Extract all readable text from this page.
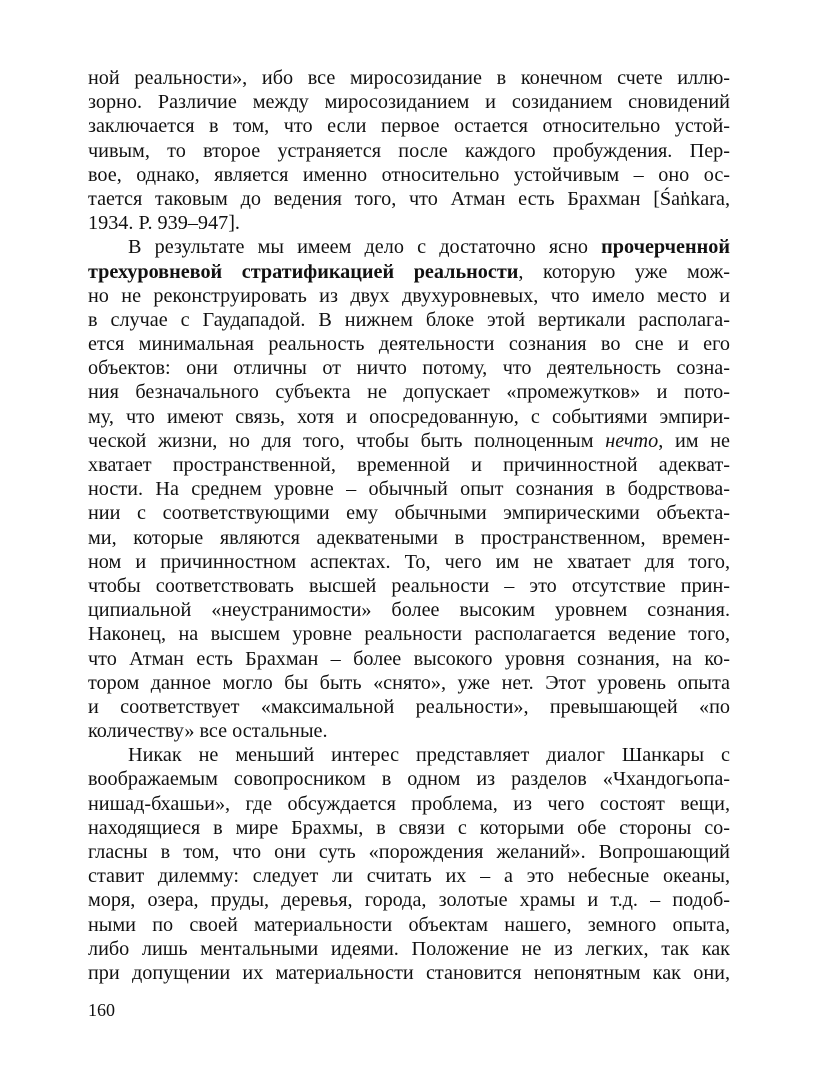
ной реальности», ибо все миросозидание в конечном счете иллю-
зорно. Различие между миросозиданием и созиданием сновидений
заключается в том, что если первое остается относительно устой-
чивым, то второе устраняется после каждого пробуждения. Пер-
вое, однако, является именно относительно устойчивым – оно ос-
тается таковым до ведения того, что Атман есть Брахман [Śaṅkara,
1934. P. 939–947].
В результате мы имеем дело с достаточно ясно прочерченной
трехуровневой стратификацией реальности, которую уже мож-
но не реконструировать из двух двухуровневых, что имело место и
в случае с Гаудападой. В нижнем блоке этой вертикали располага-
ется минимальная реальность деятельности сознания во сне и его
объектов: они отличны от ничто потому, что деятельность созна-
ния безначального субъекта не допускает «промежутков» и пото-
му, что имеют связь, хотя и опосредованную, с событиями эмпири-
ческой жизни, но для того, чтобы быть полноценным нечто, им не
хватает пространственной, временной и причинностной адекват-
ности. На среднем уровне – обычный опыт сознания в бодрствова-
нии с соответствующими ему обычными эмпирическими объекта-
ми, которые являются адекватеными в пространственном, времен-
ном и причинностном аспектах. То, чего им не хватает для того,
чтобы соответствовать высшей реальности – это отсутствие прин-
ципиальной «неустранимости» более высоким уровнем сознания.
Наконец, на высшем уровне реальности располагается ведение того,
что Атман есть Брахман – более высокого уровня сознания, на ко-
тором данное могло бы быть «снято», уже нет. Этот уровень опыта
и соответствует «максимальной реальности», превышающей «по
количеству» все остальные.
Никак не меньший интерес представляет диалог Шанкары с
воображаемым совопросником в одном из разделов «Чхандогьопа-
нишад-бхашьи», где обсуждается проблема, из чего состоят вещи,
находящиеся в мире Брахмы, в связи с которыми обе стороны со-
гласны в том, что они суть «порождения желаний». Вопрошающий
ставит дилемму: следует ли считать их – а это небесные океаны,
моря, озера, пруды, деревья, города, золотые храмы и т.д. – подоб-
ными по своей материальности объектам нашего, земного опыта,
либо лишь ментальными идеями. Положение не из легких, так как
при допущении их материальности становится непонятным как они,
160
